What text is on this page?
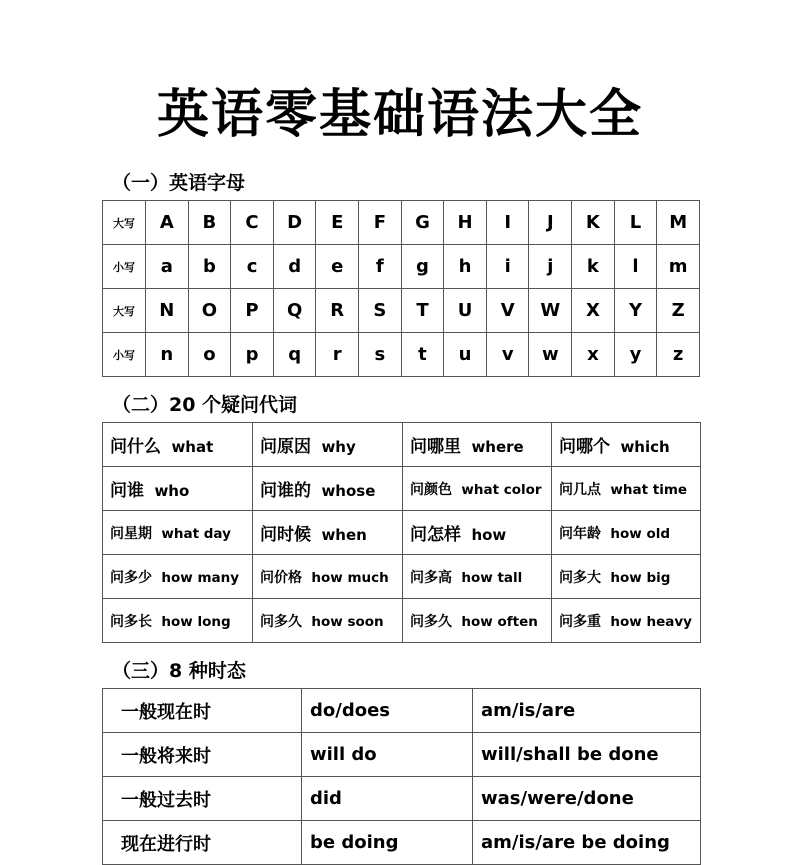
英语零基础语法大全
（一）英语字母
大写	A	B	C	D	E	F	G	H	I	J	K	L	M
小写	a	b	c	d	e	f	g	h	i	j	k	l	m
大写	N	O	P	Q	R	S	T	U	V	W	X	Y	Z
小写	n	o	p	q	r	s	t	u	v	w	x	y	z
（二）20 个疑问代词
问什么 what	问原因 why	问哪里 where	问哪个 which
问谁 who	问谁的 whose	问颜色 what color	问几点 what time
问星期 what day	问时候 when	问怎样 how	问年龄 how old
问多少 how many	问价格 how much	问多高 how tall	问多大 how big
问多长 how long	问多久 how soon	问多久 how often	问多重 how heavy
（三）8 种时态
一般现在时	do/does	am/is/are
一般将来时	will do	will/shall be done
一般过去时	did	was/were/done
现在进行时	be doing	am/is/are be doing
